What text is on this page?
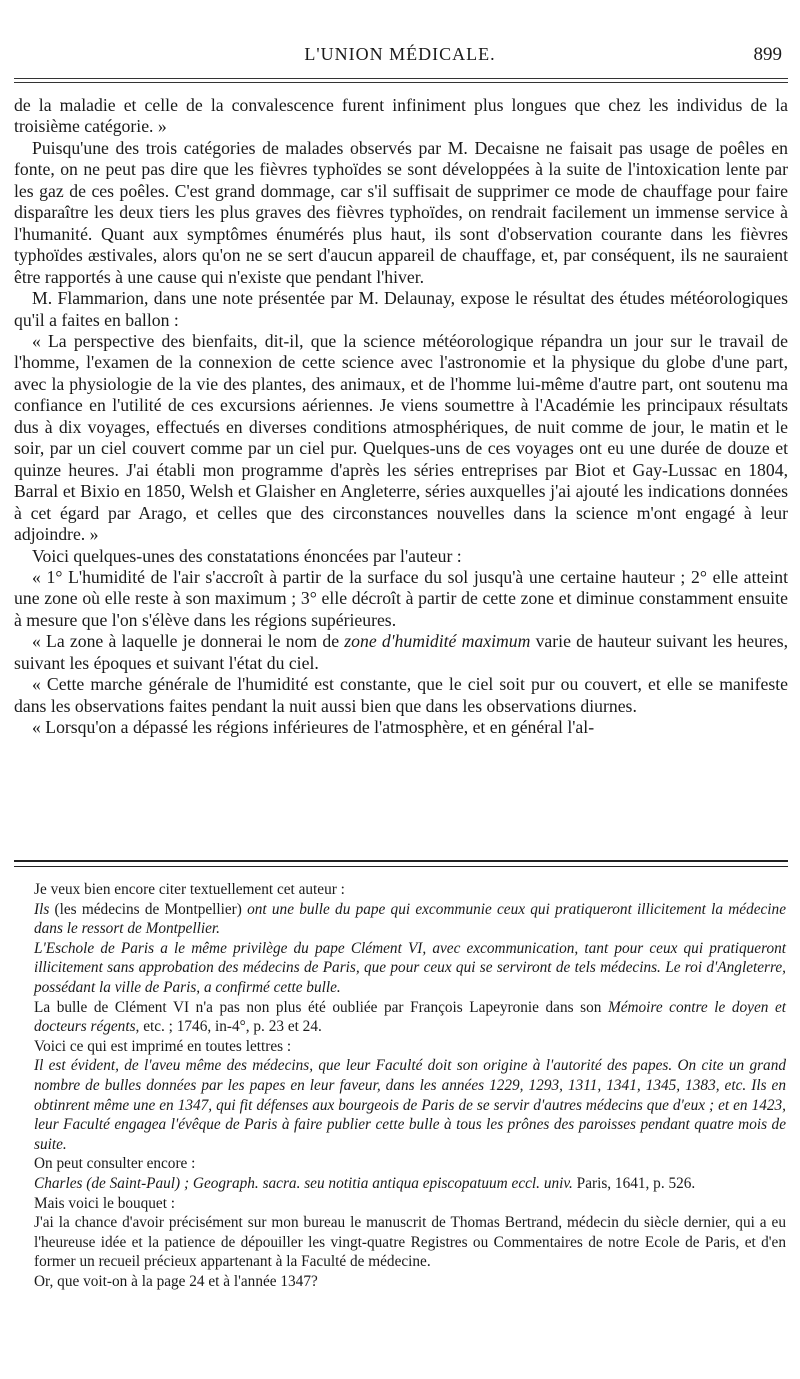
L'UNION MÉDICALE.	899

de la maladie et celle de la convalescence furent infiniment plus longues que chez les individus de la troisième catégorie. »

Puisqu'une des trois catégories de malades observés par M. Decaisne ne faisait pas usage de poêles en fonte, on ne peut pas dire que les fièvres typhoïdes se sont développées à la suite de l'intoxication lente par les gaz de ces poêles. C'est grand dommage, car s'il suffisait de supprimer ce mode de chauffage pour faire disparaître les deux tiers les plus graves des fièvres typhoïdes, on rendrait facilement un immense service à l'humanité. Quant aux symptômes énumérés plus haut, ils sont d'observation courante dans les fièvres typhoïdes æstivales, alors qu'on ne se sert d'aucun appareil de chauffage, et, par conséquent, ils ne sauraient être rapportés à une cause qui n'existe que pendant l'hiver.

M. Flammarion, dans une note présentée par M. Delaunay, expose le résultat des études météorologiques qu'il a faites en ballon :

« La perspective des bienfaits, dit-il, que la science météorologique répandra un jour sur le travail de l'homme, l'examen de la connexion de cette science avec l'astronomie et la physique du globe d'une part, avec la physiologie de la vie des plantes, des animaux, et de l'homme lui-même d'autre part, ont soutenu ma confiance en l'utilité de ces excursions aériennes. Je viens soumettre à l'Académie les principaux résultats dus à dix voyages, effectués en diverses conditions atmosphériques, de nuit comme de jour, le matin et le soir, par un ciel couvert comme par un ciel pur. Quelques-uns de ces voyages ont eu une durée de douze et quinze heures. J'ai établi mon programme d'après les séries entreprises par Biot et Gay-Lussac en 1804, Barral et Bixio en 1850, Welsh et Glaisher en Angleterre, séries auxquelles j'ai ajouté les indications données à cet égard par Arago, et celles que des circonstances nouvelles dans la science m'ont engagé à leur adjoindre. »

Voici quelques-unes des constatations énoncées par l'auteur :

« 1° L'humidité de l'air s'accroît à partir de la surface du sol jusqu'à une certaine hauteur ; 2° elle atteint une zone où elle reste à son maximum ; 3° elle décroît à partir de cette zone et diminue constamment ensuite à mesure que l'on s'élève dans les régions supérieures.

« La zone à laquelle je donnerai le nom de zone d'humidité maximum varie de hauteur suivant les heures, suivant les époques et suivant l'état du ciel.

« Cette marche générale de l'humidité est constante, que le ciel soit pur ou couvert, et elle se manifeste dans les observations faites pendant la nuit aussi bien que dans les observations diurnes.

« Lorsqu'on a dépassé les régions inférieures de l'atmosphère, et en général l'al-

Je veux bien encore citer textuellement cet auteur :

Ils (les médecins de Montpellier) ont une bulle du pape qui excommunie ceux qui pratiqueront illicitement la médecine dans le ressort de Montpellier.

L'Eschole de Paris a le même privilège du pape Clément VI, avec excommunication, tant pour ceux qui pratiqueront illicitement sans approbation des médecins de Paris, que pour ceux qui se serviront de tels médecins. Le roi d'Angleterre, possédant la ville de Paris, a confirmé cette bulle.

La bulle de Clément VI n'a pas non plus été oubliée par François Lapeyronie dans son Mémoire contre le doyen et docteurs régents, etc. ; 1746, in-4°, p. 23 et 24.

Voici ce qui est imprimé en toutes lettres :

Il est évident, de l'aveu même des médecins, que leur Faculté doit son origine à l'autorité des papes. On cite un grand nombre de bulles données par les papes en leur faveur, dans les années 1229, 1293, 1311, 1341, 1345, 1383, etc. Ils en obtinrent même une en 1347, qui fit défenses aux bourgeois de Paris de se servir d'autres médecins que d'eux ; et en 1423, leur Faculté engagea l'évêque de Paris à faire publier cette bulle à tous les prônes des paroisses pendant quatre mois de suite.

On peut consulter encore :

Charles (de Saint-Paul) ; Geograph. sacra. seu notitia antiqua episcopatuum eccl. univ. Paris, 1641, p. 526.

Mais voici le bouquet :

J'ai la chance d'avoir précisément sur mon bureau le manuscrit de Thomas Bertrand, médecin du siècle dernier, qui a eu l'heureuse idée et la patience de dépouiller les vingt-quatre Registres ou Commentaires de notre Ecole de Paris, et d'en former un recueil précieux appartenant à la Faculté de médecine.

Or, que voit-on à la page 24 et à l'année 1347?
